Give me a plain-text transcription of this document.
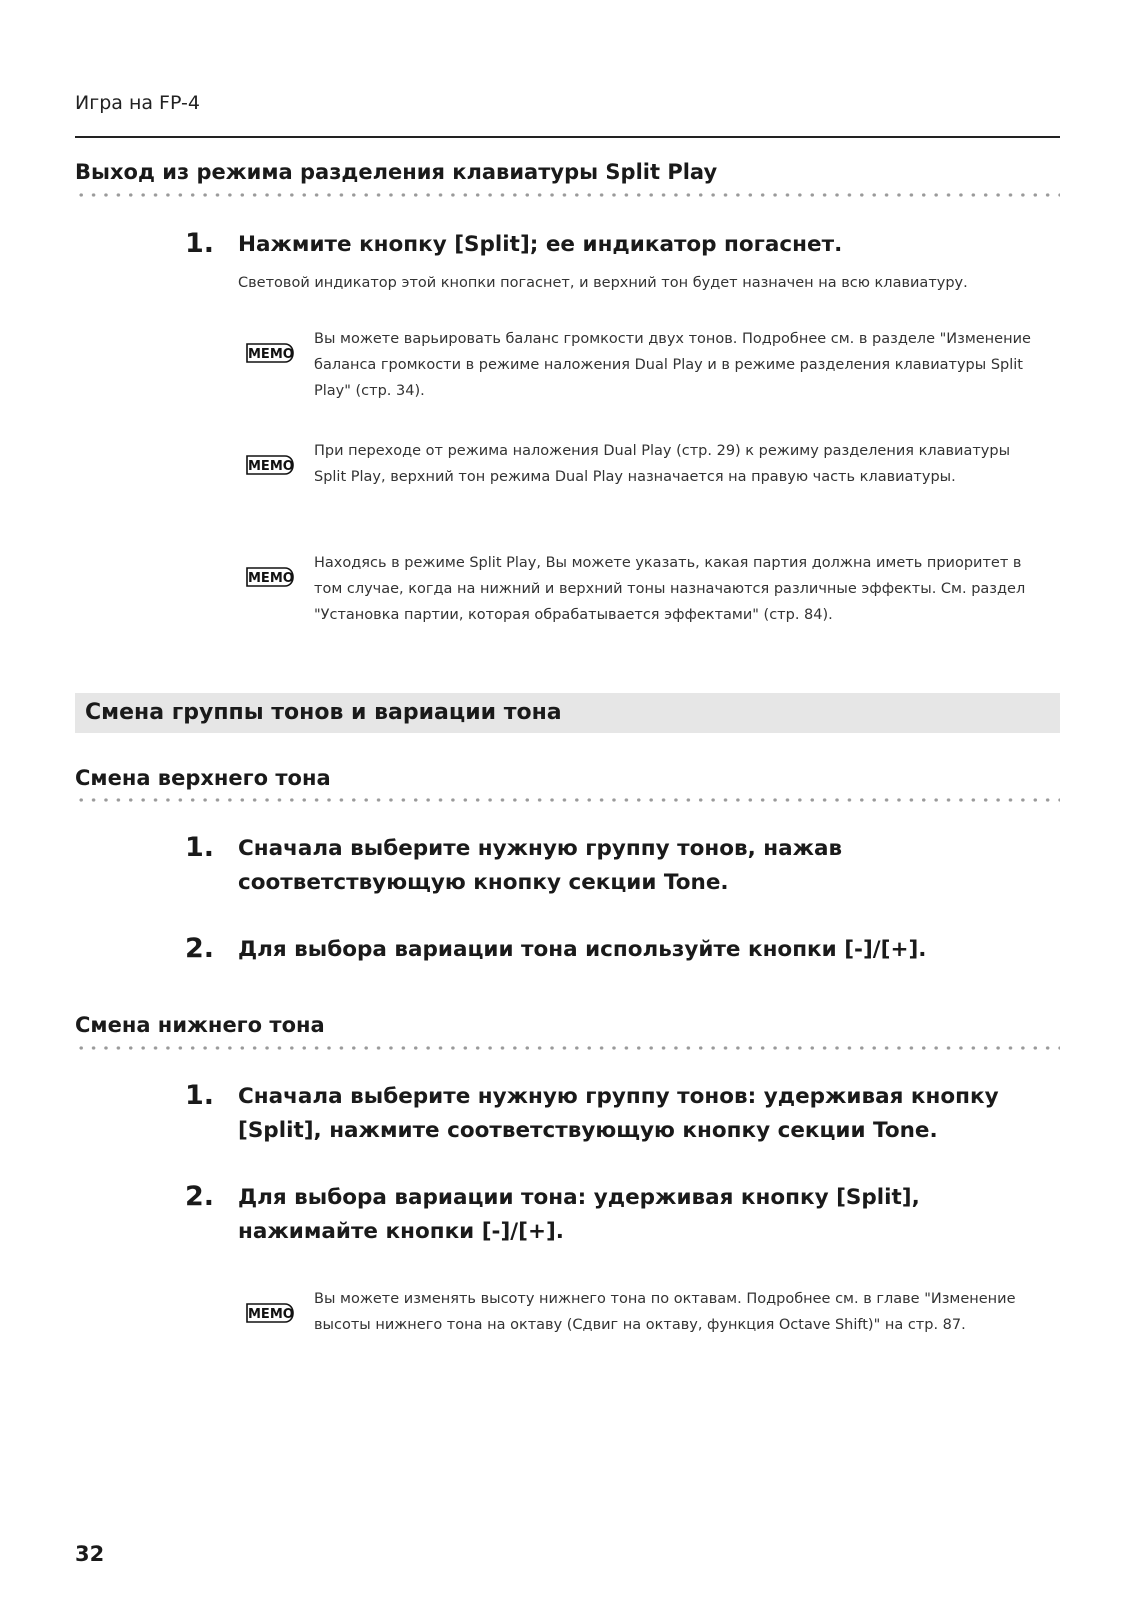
Игра на FP-4
Выход из режима разделения клавиатуры Split Play
1. Нажмите кнопку [Split]; ее индикатор погаснет.
Световой индикатор этой кнопки погаснет, и верхний тон будет назначен на всю клавиатуру.
MEMO
Вы можете варьировать баланс громкости двух тонов. Подробнее см. в разделе "Изменение баланса громкости в режиме наложения Dual Play и в режиме разделения клавиатуры Split Play" (стр. 34).
MEMO
При переходе от режима наложения Dual Play (стр. 29) к режиму разделения клавиатуры Split Play, верхний тон режима Dual Play назначается на правую часть клавиатуры.
MEMO
Находясь в режиме Split Play, Вы можете указать, какая партия должна иметь приоритет в том случае, когда на нижний и верхний тоны назначаются различные эффекты. См. раздел "Установка партии, которая обрабатывается эффектами" (стр. 84).
Смена группы тонов и вариации тона
Смена верхнего тона
1. Сначала выберите нужную группу тонов, нажав соответствующую кнопку секции Tone.
2. Для выбора вариации тона используйте кнопки [-]/[+].
Смена нижнего тона
1. Сначала выберите нужную группу тонов: удерживая кнопку [Split], нажмите соответствующую кнопку секции Tone.
2. Для выбора вариации тона: удерживая кнопку [Split], нажимайте кнопки [-]/[+].
MEMO
Вы можете изменять высоту нижнего тона по октавам. Подробнее см. в главе "Изменение высоты нижнего тона на октаву (Сдвиг на октаву, функция Octave Shift)" на стр. 87.
32
